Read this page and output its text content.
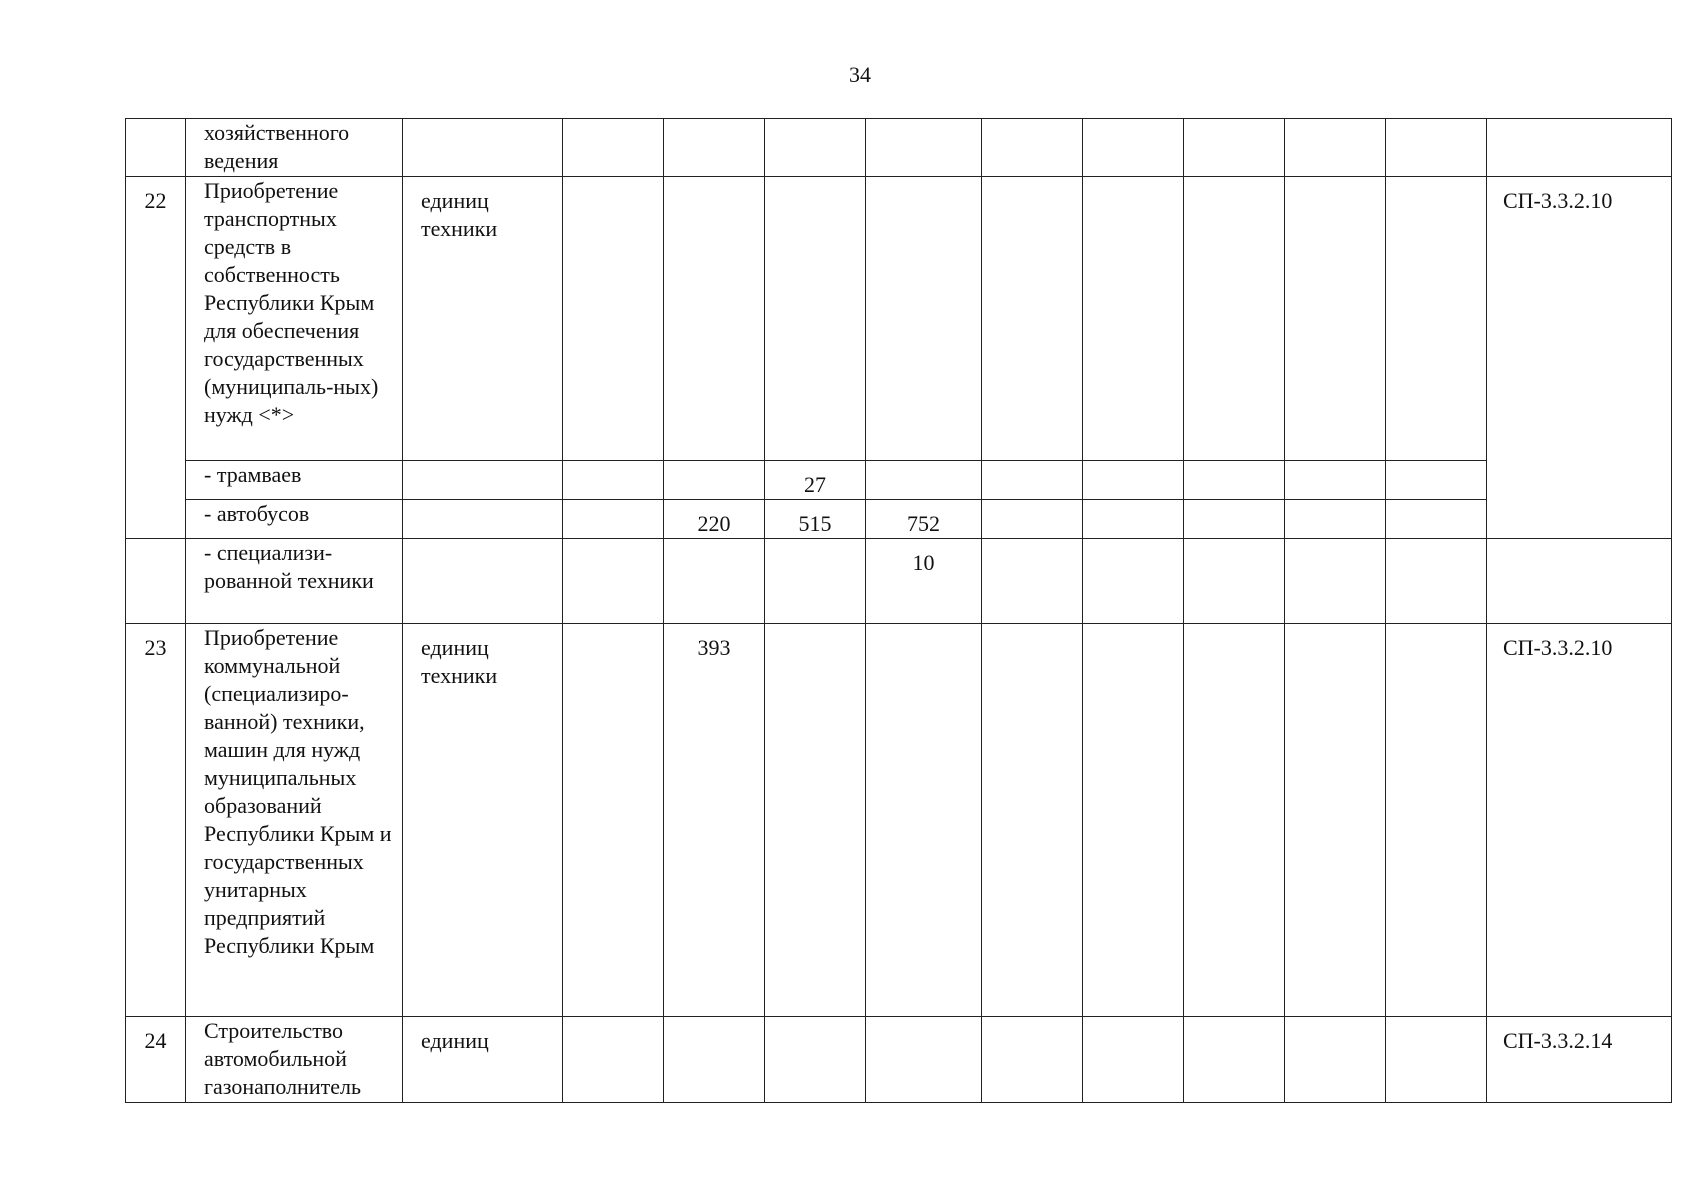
34
	хозяйственного ведения											
22	Приобретение транспортных средств в собственность Республики Крым для обеспечения государственных (муниципаль-ных) нужд <*>	единиц техники										СП-3.3.2.10
	- трамваев				27							
	- автобусов			220	515	752						
	- специализи-рованной техники					10						
23	Приобретение коммунальной (специализиро-ванной) техники, машин для нужд муниципальных образований Республики Крым и государственных унитарных предприятий Республики Крым	единиц техники		393								СП-3.3.2.10
24	Строительство автомобильной газонаполнитель	единиц										СП-3.3.2.14
